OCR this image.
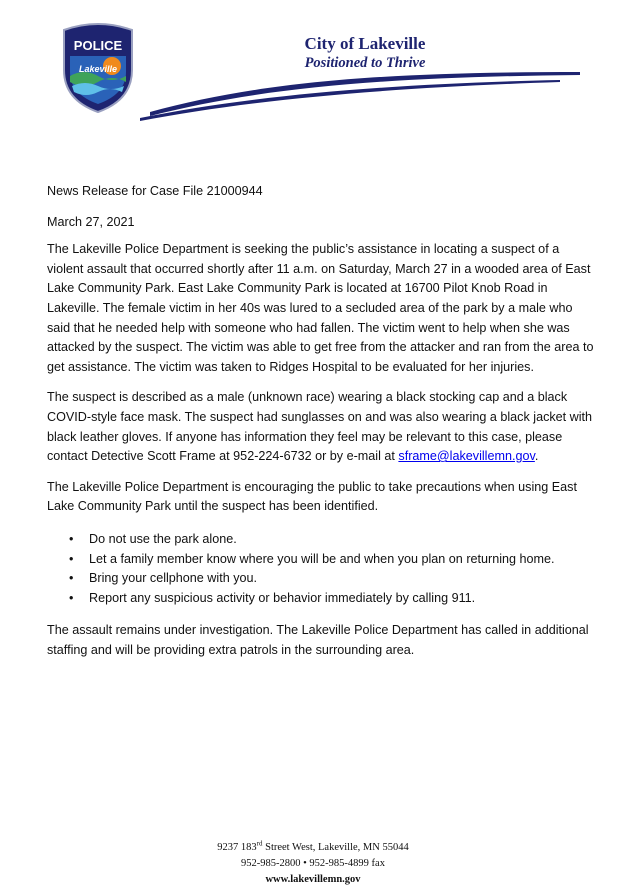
POLICE
Lakeville
City of Lakeville
Positioned to Thrive

News Release for Case File 21000944

March 27, 2021

The Lakeville Police Department is seeking the public’s assistance in locating a suspect of a violent assault that occurred shortly after 11 a.m. on Saturday, March 27 in a wooded area of East Lake Community Park. East Lake Community Park is located at 16700 Pilot Knob Road in Lakeville. The female victim in her 40s was lured to a secluded area of the park by a male who said that he needed help with someone who had fallen. The victim went to help when she was attacked by the suspect. The victim was able to get free from the attacker and ran from the area to get assistance. The victim was taken to Ridges Hospital to be evaluated for her injuries.

The suspect is described as a male (unknown race) wearing a black stocking cap and a black COVID-style face mask. The suspect had sunglasses on and was also wearing a black jacket with black leather gloves. If anyone has information they feel may be relevant to this case, please contact Detective Scott Frame at 952-224-6732 or by e-mail at sframe@lakevillemn.gov.

The Lakeville Police Department is encouraging the public to take precautions when using East Lake Community Park until the suspect has been identified.

• Do not use the park alone.
• Let a family member know where you will be and when you plan on returning home.
• Bring your cellphone with you.
• Report any suspicious activity or behavior immediately by calling 911.

The assault remains under investigation. The Lakeville Police Department has called in additional staffing and will be providing extra patrols in the surrounding area.

9237 183rd Street West, Lakeville, MN 55044
952-985-2800 • 952-985-4899 fax
www.lakevillemn.gov
